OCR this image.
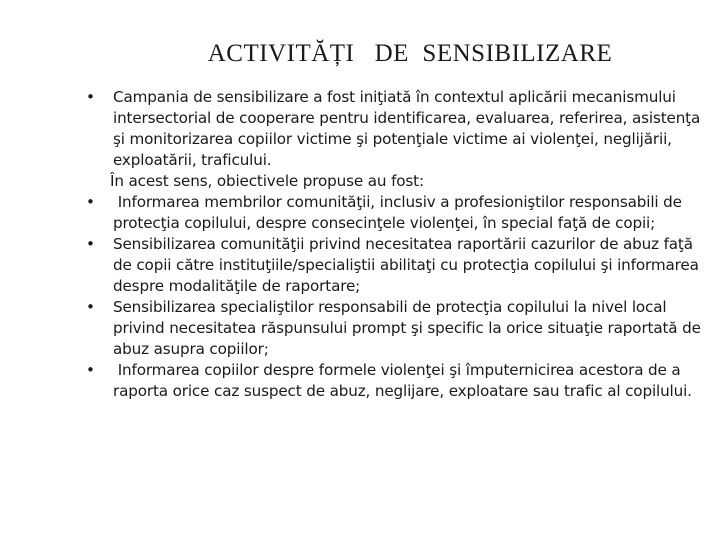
ACTIVITĂȚI   DE  SENSIBILIZARE
•	Campania de sensibilizare a fost iniţiată în contextul aplicării mecanismului intersectorial de cooperare pentru identificarea, evaluarea, referirea, asistenţa şi monitorizarea copiilor victime şi potenţiale victime ai violenţei, neglijării, exploatării, traficului.
În acest sens, obiectivele propuse au fost:
•	Informarea membrilor comunităţii, inclusiv a profesioniştilor responsabili de protecţia copilului, despre consecinţele violenţei, în special faţă de copii;
•	Sensibilizarea comunităţii privind necesitatea raportării cazurilor de abuz faţă de copii către instituţiile/specialiştii abilitaţi cu protecţia copilului şi informarea despre modalităţile de raportare;
•	Sensibilizarea specialiştilor responsabili de protecţia copilului la nivel local privind necesitatea răspunsului prompt şi specific la orice situaţie raportată de abuz asupra copiilor;
•	Informarea copiilor despre formele violenţei şi împuternicirea acestora de a raporta orice caz suspect de abuz, neglijare, exploatare sau trafic al copilului.
